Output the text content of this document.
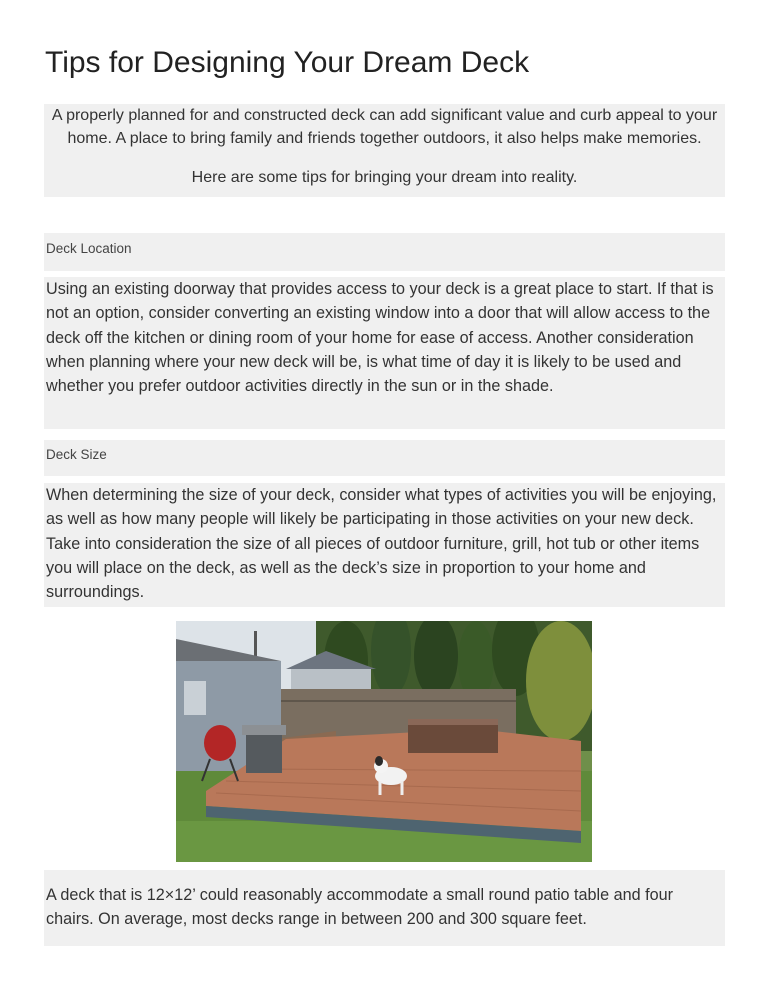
Tips for Designing Your Dream Deck

A properly planned for and constructed deck can add significant value and curb appeal to your home. A place to bring family and friends together outdoors, it also helps make memories.

Here are some tips for bringing your dream into reality.

Deck Location

Using an existing doorway that provides access to your deck is a great place to start. If that is not an option, consider converting an existing window into a door that will allow access to the deck off the kitchen or dining room of your home for ease of access. Another consideration when planning where your new deck will be, is what time of day it is likely to be used and whether you prefer outdoor activities directly in the sun or in the shade.

Deck Size

When determining the size of your deck, consider what types of activities you will be enjoying, as well as how many people will likely be participating in those activities on your new deck. Take into consideration the size of all pieces of outdoor furniture, grill, hot tub or other items you will place on the deck, as well as the deck’s size in proportion to your home and surroundings.

A deck that is 12×12’ could reasonably accommodate a small round patio table and four chairs. On average, most decks range in between 200 and 300 square feet.
